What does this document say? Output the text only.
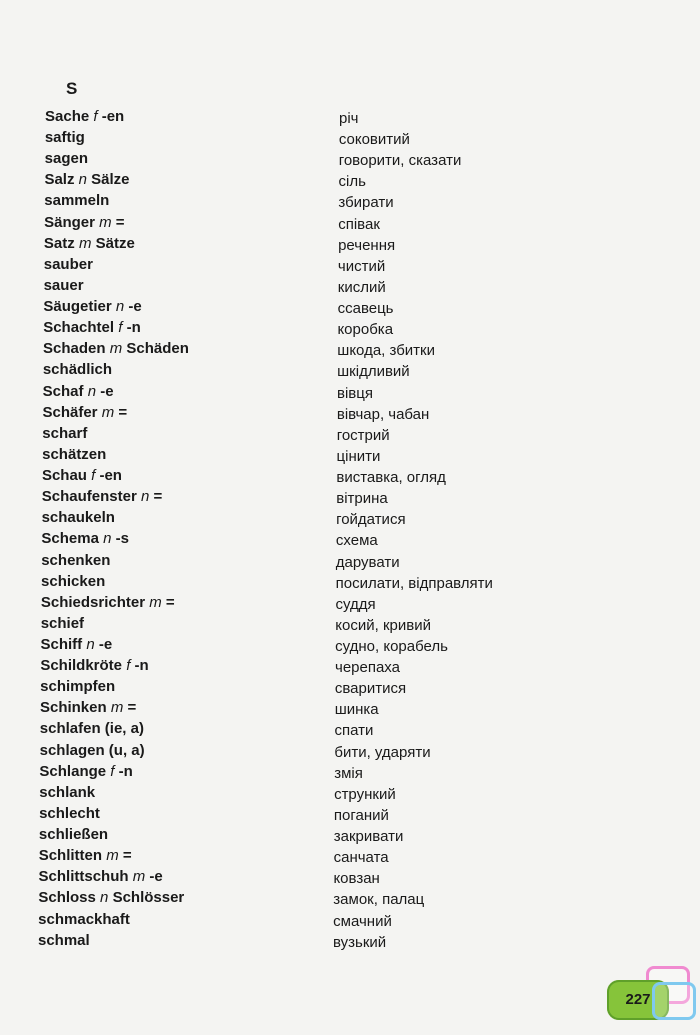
S
Sache f -en	річ
saftig	соковитий
sagen	говорити, сказати
Salz n Sälze	сіль
sammeln	збирати
Sänger m =	співак
Satz m Sätze	речення
sauber	чистий
sauer	кислий
Säugetier n -e	ссавець
Schachtel f -n	коробка
Schaden m Schäden	шкода, збитки
schädlich	шкідливий
Schaf n -e	вівця
Schäfer m =	вівчар, чабан
scharf	гострий
schätzen	цінити
Schau f -en	виставка, огляд
Schaufenster n =	вітрина
schaukeln	гойдатися
Schema n -s	схема
schenken	дарувати
schicken	посилати, відправляти
Schiedsrichter m =	суддя
schief	косий, кривий
Schiff n -e	судно, корабель
Schildkröte f -n	черепаха
schimpfen	сваритися
Schinken m =	шинка
schlafen (ie, a)	спати
schlagen (u, a)	бити, ударяти
Schlange f -n	змія
schlank	стрункий
schlecht	поганий
schließen	закривати
Schlitten m =	санчата
Schlittschuh m -e	ковзан
Schloss n Schlösser	замок, палац
schmackhaft	смачний
schmal	вузький
227
